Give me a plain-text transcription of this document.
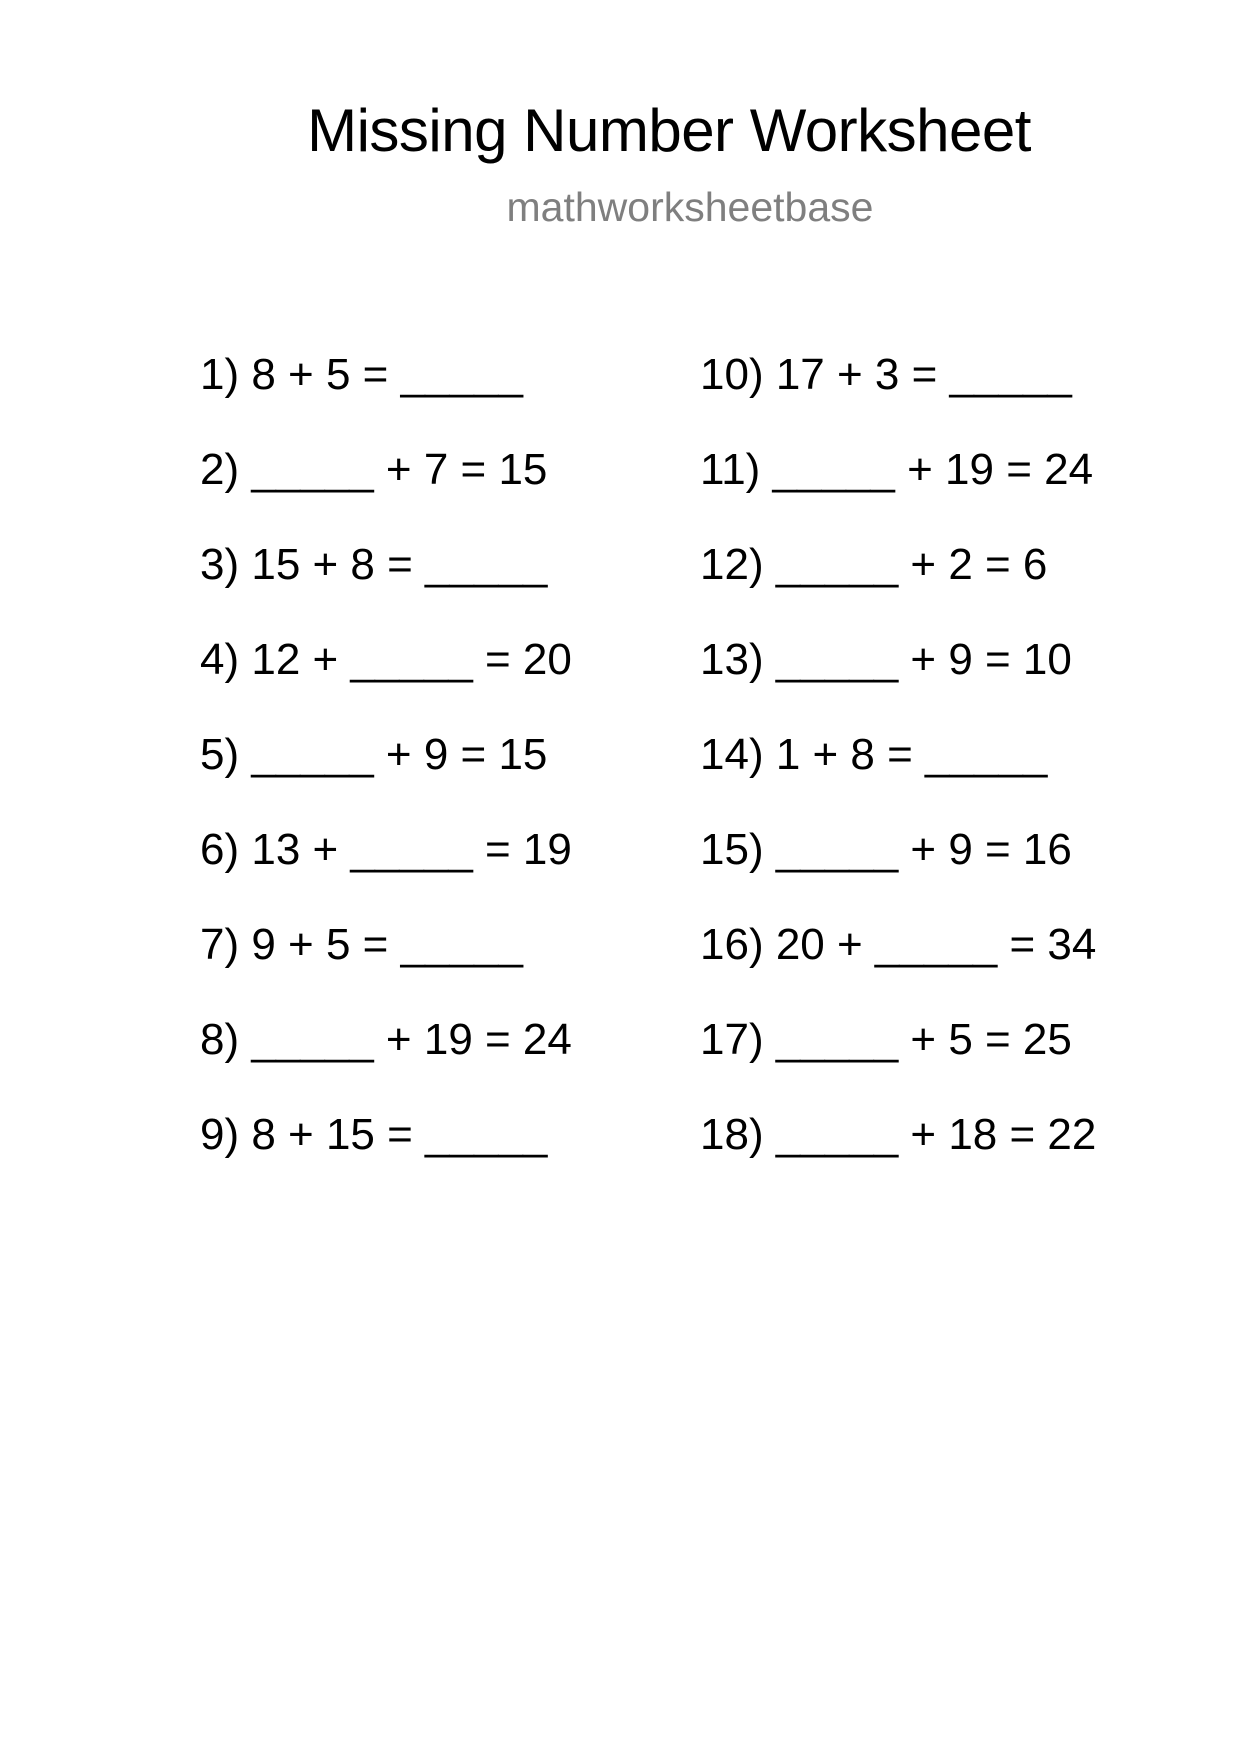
Missing Number Worksheet
mathworksheetbase
1) 8 + 5 = _____
2) _____ + 7 = 15
3) 15 + 8 = _____
4) 12 + _____ = 20
5) _____ + 9 = 15
6) 13 + _____ = 19
7) 9 + 5 = _____
8) _____ + 19 = 24
9) 8 + 15 = _____
10) 17 + 3 = _____
11) _____ + 19 = 24
12) _____ + 2 = 6
13) _____ + 9 = 10
14) 1 + 8 = _____
15) _____ + 9 = 16
16) 20 + _____ = 34
17) _____ + 5 = 25
18) _____ + 18 = 22
